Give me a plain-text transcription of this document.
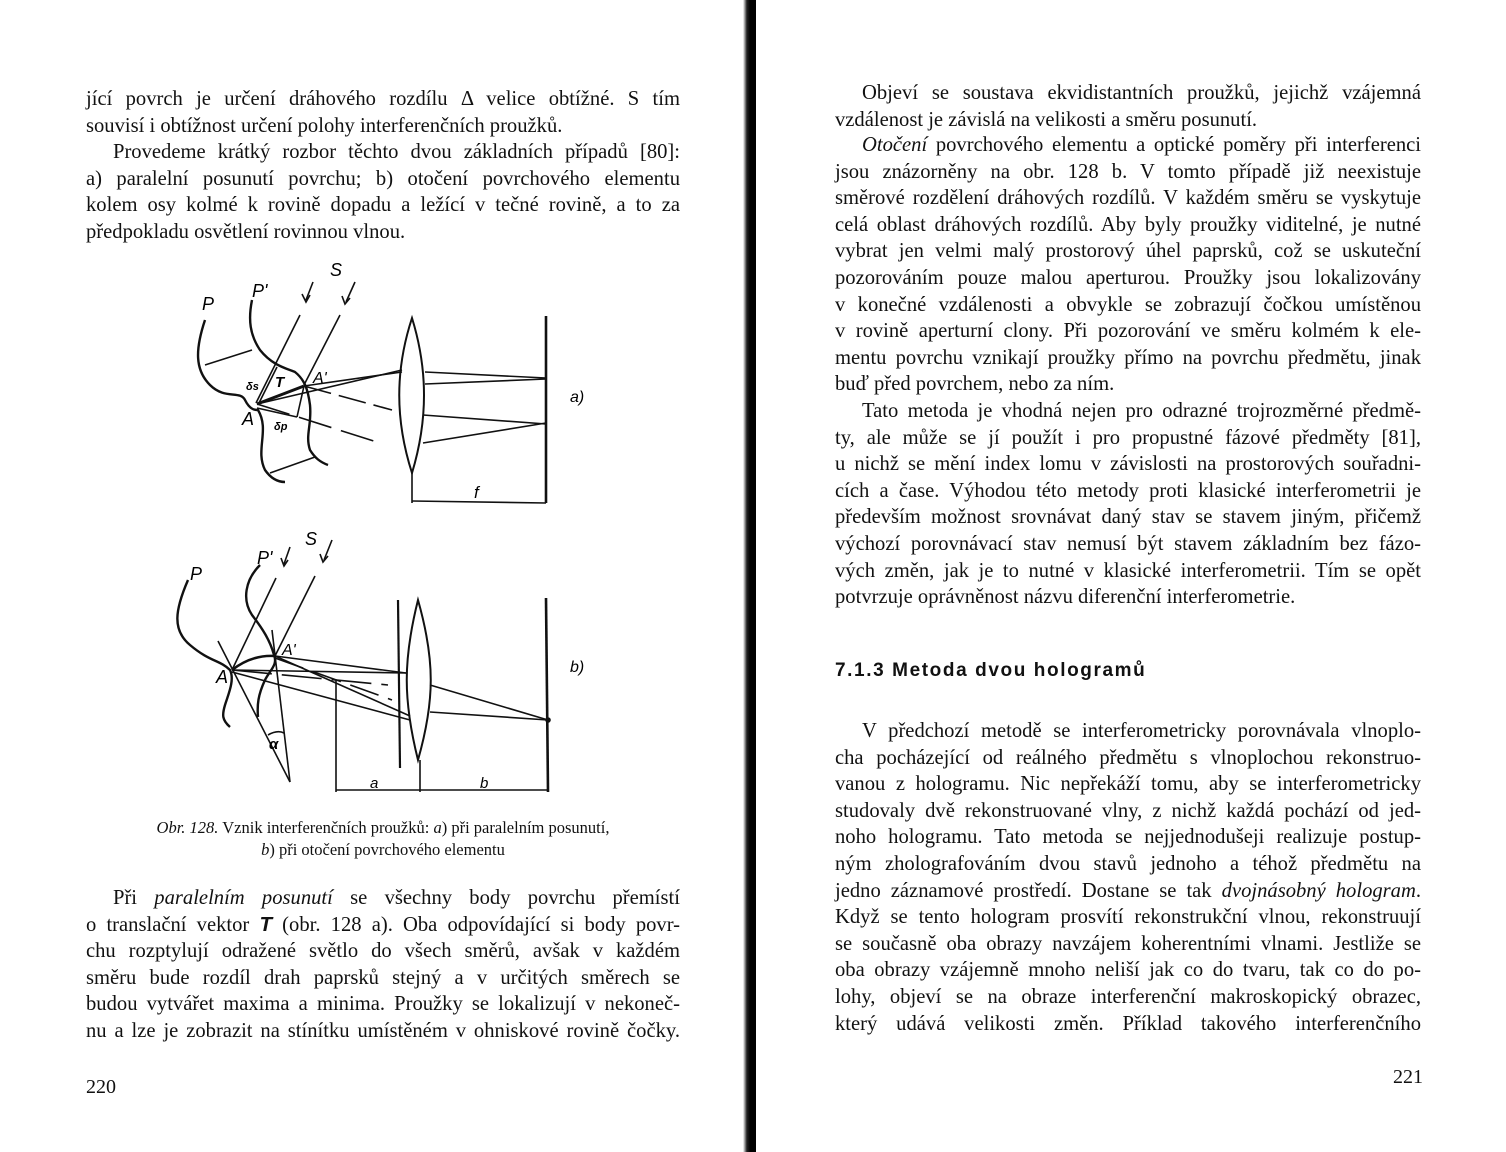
jící povrch je určení dráhového rozdílu Δ velice obtížné. S tím
souvisí i obtížnost určení polohy interferenčních proužků.
Provedeme krátký rozbor těchto dvou základních případů [80]:
a) paralelní posunutí povrchu; b) otočení povrchového elementu
kolem osy kolmé k rovině dopadu a ležící v tečné rovině, a to za
předpokladu osvětlení rovinnou vlnou.
P
P'
S
A
A'
T
δs
δp
f
a)
P
P'
S
A
A'
α
a	b
b)
Obr. 128. Vznik interferenčních proužků: a) při paralelním posunutí,
b) při otočení povrchového elementu
Při paralelním posunutí se všechny body povrchu přemístí
o translační vektor T (obr. 128 a). Oba odpovídající si body povr-
chu rozptylují odražené světlo do všech směrů, avšak v každém
směru bude rozdíl drah paprsků stejný a v určitých směrech se
budou vytvářet maxima a minima. Proužky se lokalizují v nekoneč-
nu a lze je zobrazit na stínítku umístěném v ohniskové rovině čočky.
220
Objeví se soustava ekvidistantních proužků, jejichž vzájemná
vzdálenost je závislá na velikosti a směru posunutí.
Otočení povrchového elementu a optické poměry při interferenci
jsou znázorněny na obr. 128 b. V tomto případě již neexistuje
směrové rozdělení dráhových rozdílů. V každém směru se vyskytuje
celá oblast dráhových rozdílů. Aby byly proužky viditelné, je nutné
vybrat jen velmi malý prostorový úhel paprsků, což se uskuteční
pozorováním pouze malou aperturou. Proužky jsou lokalizovány
v konečné vzdálenosti a obvykle se zobrazují čočkou umístěnou
v rovině aperturní clony. Při pozorování ve směru kolmém k ele-
mentu povrchu vznikají proužky přímo na povrchu předmětu, jinak
buď před povrchem, nebo za ním.
Tato metoda je vhodná nejen pro odrazné trojrozměrné předmě-
ty, ale může se jí použít i pro propustné fázové předměty [81],
u nichž se mění index lomu v závislosti na prostorových souřadni-
cích a čase. Výhodou této metody proti klasické interferometrii je
především možnost srovnávat daný stav se stavem jiným, přičemž
výchozí porovnávací stav nemusí být stavem základním bez fázo-
vých změn, jak je to nutné v klasické interferometrii. Tím se opět
potvrzuje oprávněnost názvu diferenční interferometrie.
7.1.3 Metoda dvou hologramů
V předchozí metodě se interferometricky porovnávala vlnoplo-
cha pocházející od reálného předmětu s vlnoplochou rekonstruo-
vanou z hologramu. Nic nepřekáží tomu, aby se interferometricky
studovaly dvě rekonstruované vlny, z nichž každá pochází od jed-
noho hologramu. Tato metoda se nejjednodušeji realizuje postup-
ným zholografováním dvou stavů jednoho a téhož předmětu na
jedno záznamové prostředí. Dostane se tak dvojnásobný hologram.
Když se tento hologram prosvítí rekonstrukční vlnou, rekonstruují
se současně oba obrazy navzájem koherentními vlnami. Jestliže se
oba obrazy vzájemně mnoho neliší jak co do tvaru, tak co do po-
lohy, objeví se na obraze interferenční makroskopický obrazec,
který udává velikosti změn. Příklad takového interferenčního
221
